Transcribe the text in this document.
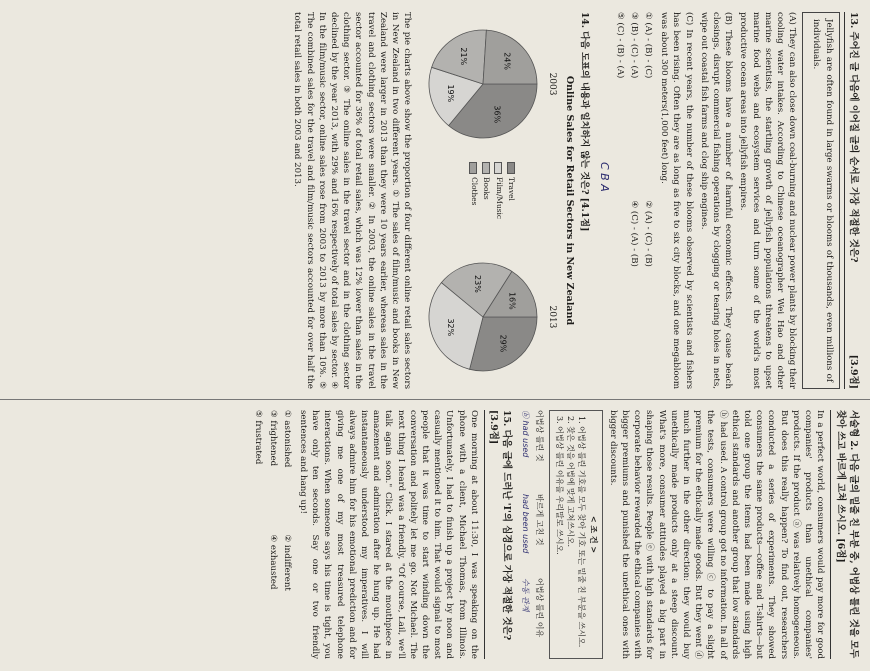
13. 주어진 글 다음에 이어질 글의 순서로 가장 적절한 것은?
[3.9점]

Jellyfish are often found in large swarms or blooms of thousands, even millions of individuals.

(A) They can also close down coal-burning and nuclear power plants by blocking their cooling water intakes. According to Chinese oceanographer Wei Hao and other marine scientists, the startling growth of jellyfish populations threatens to upset marine food webs and ecosystem services and turn some of the world's most productive ocean areas into jellyfish empires.

(B) These blooms have a number of harmful economic effects. They cause beach closings, disrupt commercial fishing operations by clogging or tearing holes in nets, wipe out coastal fish farms and clog ship engines.

(C) In recent years, the number of these blooms observed by scientists and fishers has been rising. Often they are as long as five to six city blocks, and one megabloom was about 300 meters(1,000 feet) long.

① (A) - (B) - (C)
② (A) - (C) - (B)
③ (B) - (C) - (A)
④ (C) - (A) - (B)
⑤ (C) - (B) - (A)
C B A
14. 다음 도표의 내용과 일치하지 않는 것은? [4.1점]
Online Sales for Retail Sectors in New Zealand
2003
36%
19%
21%	24%
Travel
Film/Music
Books
Clothes
2013
29%
32%
23%
16%

The pie charts above show the proportion of four different online retail sales sectors in New Zealand in two different years. ① The sales of film/music and books in New Zealand were larger in 2013 than they were 10 years earlier, whereas sales in the travel and clothing sectors were smaller. ② In 2003, the online sales in the travel sector accounted for 36% of total retail sales, which was 12% lower than sales in the clothing sector. ③ The online sales in the travel sector and in the clothing sector declined by the year 2013, with 29% and 16% respectively of total sales by sector. ④ In the film/music sector, online sales rose from 2003 to 2013 by more than 10%. ⑤ The combined sales for the travel and film/music sectors accounted for over half the total retail sales in both 2003 and 2013.

서술형 2. 다음 글의 밑줄 친 부분 중, 어법상 틀린 것을 모두 찾아 쓰고 바르게 고쳐 쓰시오. [6점]

In a perfect world, consumers would pay more for good companies' products than unethical companies' products. If the product ⓐ was relatively homogeneous. But does this really happen? To find out, researchers conducted a series of experiments. They showed consumers the same products—coffee and T-shirts—but told one group the items had been made using high ethical standards and another group that low standards ⓑ had used. A control group got no information. In all of the tests, consumers were willing ⓒ to pay a slight premium for the ethically made goods. But they went ⓓ much further in the other direction: they would buy unethically made products only at a steep discount. What's more, consumer attitudes played a big part in shaping those results. People ⓔ with high standards for corporate behavior rewarded the ethical companies with bigger premiums and punished the unethical ones with bigger discounts.

< 조 건 >
1. 어법상 틀린 기호를 모두 찾아 기호 또는 밑줄 친 부분을 쓰시오.
2. 찾은 것을 어법에 맞게 고쳐쓰시오.
3. 어법상 틀린 이유를 우리말로 쓰시오.
어법상 틀린 것
바르게 고친 것
어법상 틀린 이유
ⓑ had used
had been used
수동 관계
15. 다음 글에 드러난 'I'의 심경으로 가장 적절한 것은? [3.9점]

One morning at about 11:30, I was speaking on the phone with a client, Michael Thomas, from Illinois. Unfortunately, I had to finish up a project by noon and casually mentioned it to him. That would signal to most people that it was time to start winding down the conversation and politely let me go. Not Michael. The next thing I heard was a friendly, "Of course, Lail, we'll talk again soon." Click. I stared at the mouthpiece in amazement and admiration after he hung up. He had instantaneously understood my imperatives. I will always admire him for his emotional prediction and for giving me one of my most treasured telephone interactions. When someone says his time is tight, you have only ten seconds. Say one or two friendly sentences and hang up!

① astonished
② indifferent
③ frightened
④ exhausted
⑤ frustrated
